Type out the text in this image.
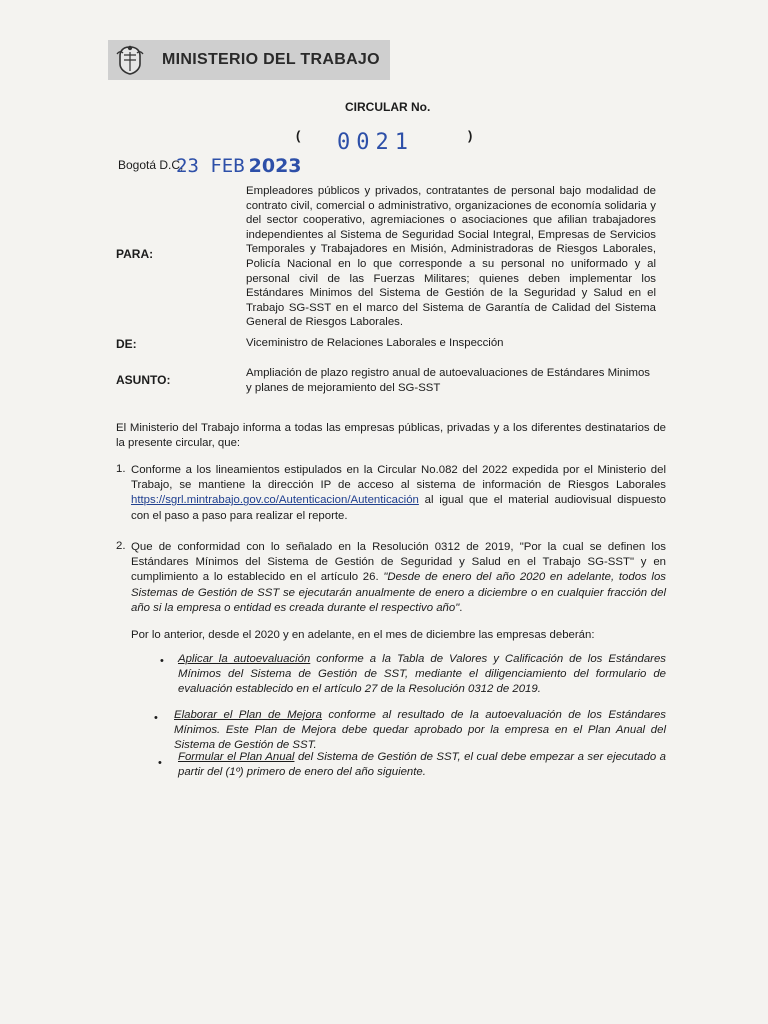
MINISTERIO DEL TRABAJO
CIRCULAR No.
( 0021	)
Bogotá D.C,
23 FEB 2023
PARA:
Empleadores públicos y privados, contratantes de personal bajo modalidad de contrato civil, comercial o administrativo, organizaciones de economía solidaria y del sector cooperativo, agremiaciones o asociaciones que afilian trabajadores independientes al Sistema de Seguridad Social Integral, Empresas de Servicios Temporales y Trabajadores en Misión, Administradoras de Riesgos Laborales, Policía Nacional en lo que corresponde a su personal no uniformado y al personal civil de las Fuerzas Militares; quienes deben implementar los Estándares Minimos del Sistema de Gestión de la Seguridad y Salud en el Trabajo SG-SST en el marco del Sistema de Garantía de Calidad del Sistema General de Riesgos Laborales.
DE:	Viceministro de Relaciones Laborales e Inspección
ASUNTO:	Ampliación de plazo registro anual de autoevaluaciones de Estándares Minimos y planes de mejoramiento del SG-SST
El Ministerio del Trabajo informa a todas las empresas públicas, privadas y a los diferentes destinatarios de la presente circular, que:
1. Conforme a los lineamientos estipulados en la Circular No.082 del 2022 expedida por el Ministerio del Trabajo, se mantiene la dirección IP de acceso al sistema de información de Riesgos Laborales https://sgrl.mintrabajo.gov.co/Autenticacion/Autenticación al igual que el material audiovisual dispuesto con el paso a paso para realizar el reporte.
2. Que de conformidad con lo señalado en la Resolución 0312 de 2019, "Por la cual se definen los Estándares Mínimos del Sistema de Gestión de Seguridad y Salud en el Trabajo SG-SST" y en cumplimiento a lo establecido en el artículo 26. "Desde de enero del año 2020 en adelante, todos los Sistemas de Gestión de SST se ejecutarán anualmente de enero a diciembre o en cualquier fracción del año si la empresa o entidad es creada durante el respectivo año".
Por lo anterior, desde el 2020 y en adelante, en el mes de diciembre las empresas deberán:
• Aplicar la autoevaluación conforme a la Tabla de Valores y Calificación de los Estándares Mínimos del Sistema de Gestión de SST, mediante el diligenciamiento del formulario de evaluación establecido en el artículo 27 de la Resolución 0312 de 2019.
• Elaborar el Plan de Mejora conforme al resultado de la autoevaluación de los Estándares Mínimos. Este Plan de Mejora debe quedar aprobado por la empresa en el Plan Anual del Sistema de Gestión de SST.
• Formular el Plan Anual del Sistema de Gestión de SST, el cual debe empezar a ser ejecutado a partir del (1º) primero de enero del año siguiente.
